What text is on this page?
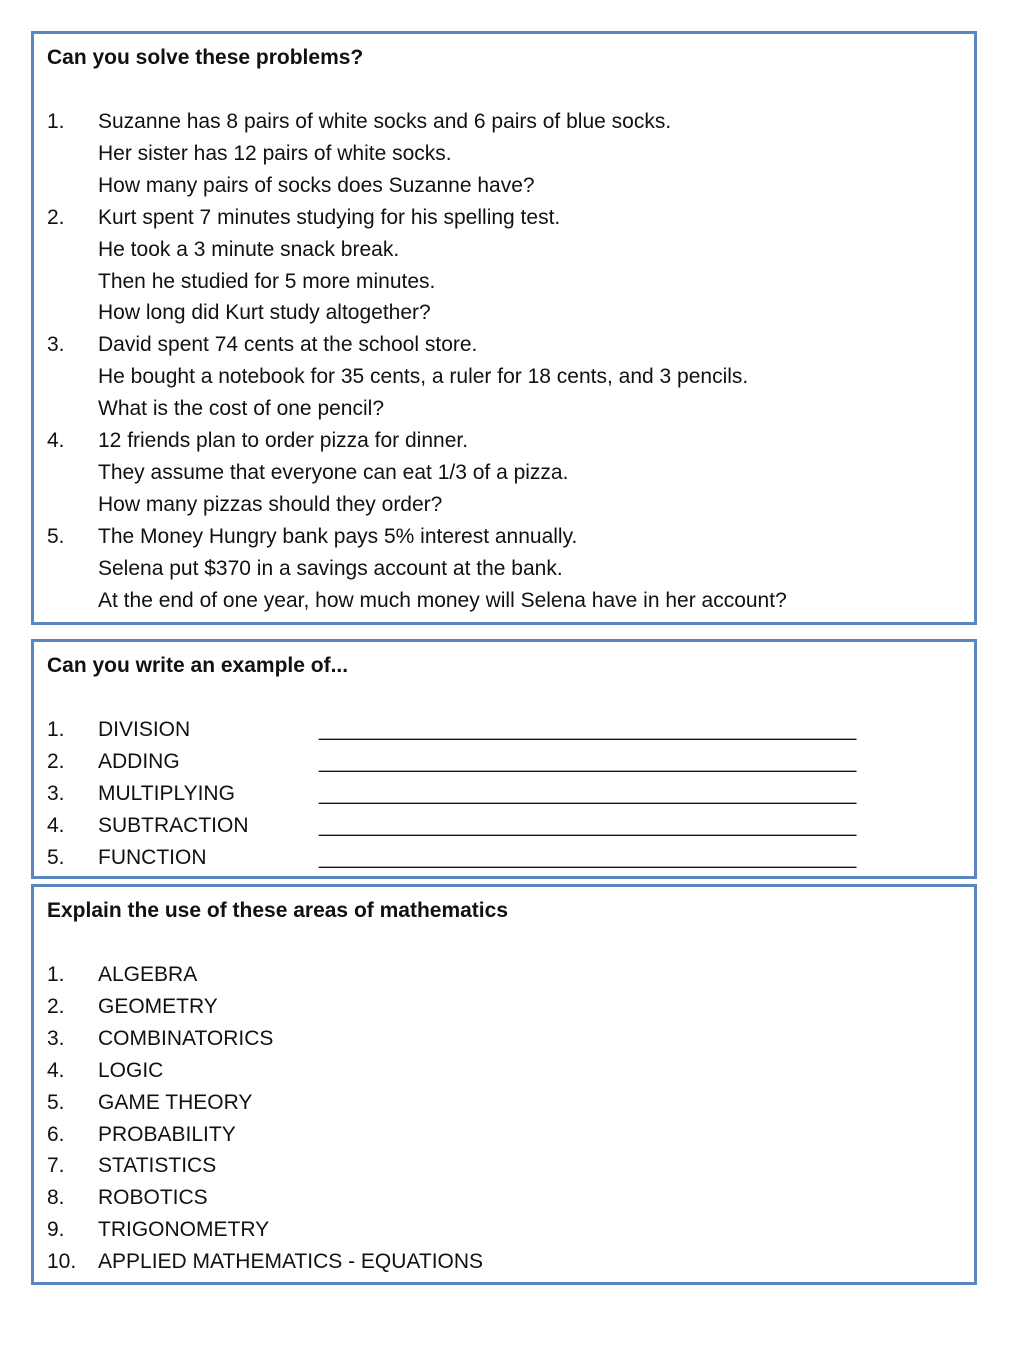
Can you solve these problems?
1. Suzanne has 8 pairs of white socks and 6 pairs of blue socks.
Her sister has 12 pairs of white socks.
How many pairs of socks does Suzanne have?
2. Kurt spent 7 minutes studying for his spelling test.
He took a 3 minute snack break.
Then he studied for 5 more minutes.
How long did Kurt study altogether?
3. David spent 74 cents at the school store.
He bought a notebook for 35 cents, a ruler for 18 cents, and 3 pencils.
What is the cost of one pencil?
4. 12 friends plan to order pizza for dinner.
They assume that everyone can eat 1/3 of a pizza.
How many pizzas should they order?
5. The Money Hungry bank pays 5% interest annually.
Selena put $370 in a savings account at the bank.
At the end of one year, how much money will Selena have in her account?
Can you write an example of...
1. DIVISION	______________________________________________
2. ADDING	______________________________________________
3. MULTIPLYING	______________________________________________
4. SUBTRACTION	______________________________________________
5. FUNCTION	______________________________________________
Explain the use of these areas of mathematics
1. ALGEBRA
2. GEOMETRY
3. COMBINATORICS
4. LOGIC
5. GAME THEORY
6. PROBABILITY
7. STATISTICS
8. ROBOTICS
9. TRIGONOMETRY
10. APPLIED MATHEMATICS - EQUATIONS
